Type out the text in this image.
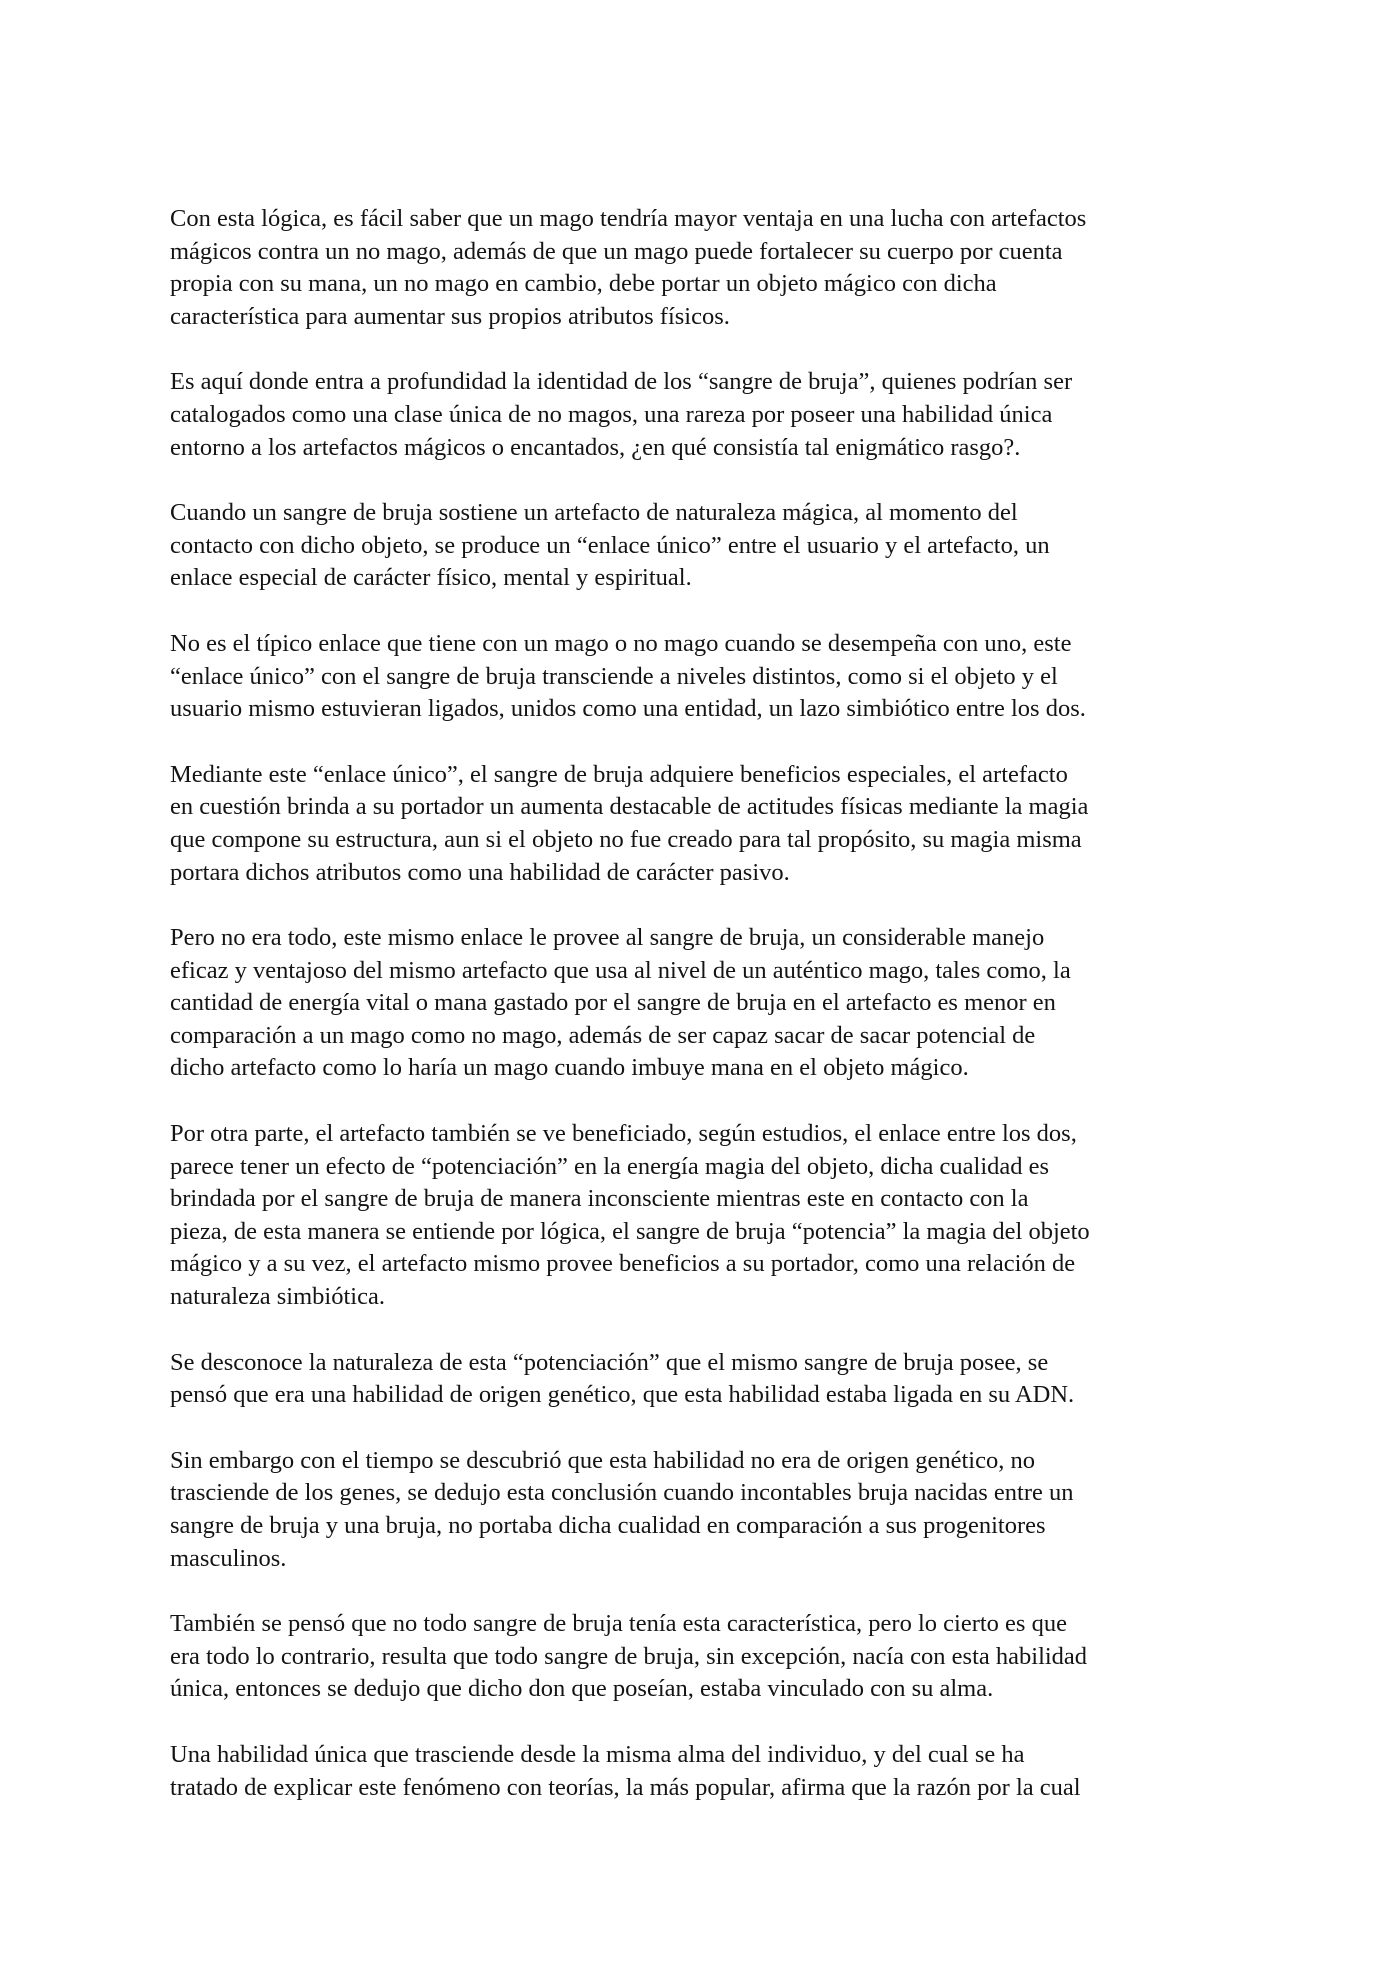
Con esta lógica, es fácil saber que un mago tendría mayor ventaja en una lucha con artefactos
mágicos contra un no mago, además de que un mago puede fortalecer su cuerpo por cuenta
propia con su mana, un no mago en cambio, debe portar un objeto mágico con dicha
característica para aumentar sus propios atributos físicos.

Es aquí donde entra a profundidad la identidad de los “sangre de bruja”, quienes podrían ser
catalogados como una clase única de no magos, una rareza por poseer una habilidad única
entorno a los artefactos mágicos o encantados, ¿en qué consistía tal enigmático rasgo?.

Cuando un sangre de bruja sostiene un artefacto de naturaleza mágica, al momento del
contacto con dicho objeto, se produce un “enlace único” entre el usuario y el artefacto, un
enlace especial de carácter físico, mental y espiritual.

No es el típico enlace que tiene con un mago o no mago cuando se desempeña con uno, este
“enlace único” con el sangre de bruja transciende a niveles distintos, como si el objeto y el
usuario mismo estuvieran ligados, unidos como una entidad, un lazo simbiótico entre los dos.

Mediante este “enlace único”, el sangre de bruja adquiere beneficios especiales, el artefacto
en cuestión brinda a su portador un aumenta destacable de actitudes físicas mediante la magia
que compone su estructura, aun si el objeto no fue creado para tal propósito, su magia misma
portara dichos atributos como una habilidad de carácter pasivo.

Pero no era todo, este mismo enlace le provee al sangre de bruja, un considerable manejo
eficaz y ventajoso del mismo artefacto que usa al nivel de un auténtico mago, tales como, la
cantidad de energía vital o mana gastado por el sangre de bruja en el artefacto es menor en
comparación a un mago como no mago, además de ser capaz sacar de sacar potencial de
dicho artefacto como lo haría un mago cuando imbuye mana en el objeto mágico.

Por otra parte, el artefacto también se ve beneficiado, según estudios, el enlace entre los dos,
parece tener un efecto de “potenciación” en la energía magia del objeto, dicha cualidad es
brindada por el sangre de bruja de manera inconsciente mientras este en contacto con la
pieza, de esta manera se entiende por lógica, el sangre de bruja “potencia” la magia del objeto
mágico y a su vez, el artefacto mismo provee beneficios a su portador, como una relación de
naturaleza simbiótica.

Se desconoce la naturaleza de esta “potenciación” que el mismo sangre de bruja posee, se
pensó que era una habilidad de origen genético, que esta habilidad estaba ligada en su ADN.

Sin embargo con el tiempo se descubrió que esta habilidad no era de origen genético, no
trasciende de los genes, se dedujo esta conclusión cuando incontables bruja nacidas entre un
sangre de bruja y una bruja, no portaba dicha cualidad en comparación a sus progenitores
masculinos.

También se pensó que no todo sangre de bruja tenía esta característica, pero lo cierto es que
era todo lo contrario, resulta que todo sangre de bruja, sin excepción, nacía con esta habilidad
única, entonces se dedujo que dicho don que poseían, estaba vinculado con su alma.

Una habilidad única que trasciende desde la misma alma del individuo, y del cual se ha
tratado de explicar este fenómeno con teorías, la más popular, afirma que la razón por la cual
